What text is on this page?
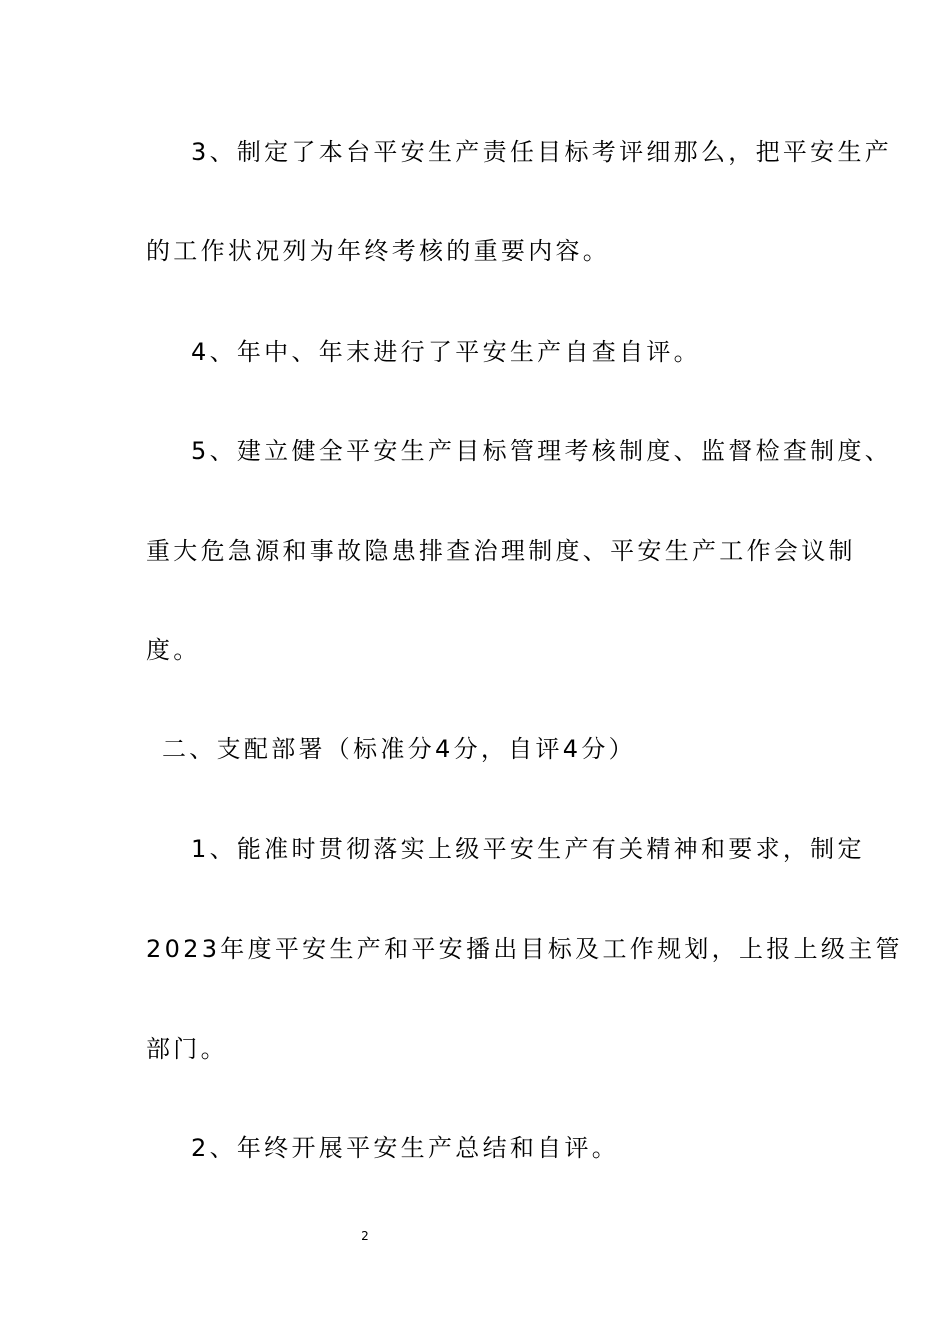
3、制定了本台平安生产责任目标考评细那么，把平安生产
的工作状况列为年终考核的重要内容。
4、年中、年末进行了平安生产自查自评。
5、建立健全平安生产目标管理考核制度、监督检查制度、
重大危急源和事故隐患排查治理制度、平安生产工作会议制
度。
二、支配部署（标准分4分，自评4分）
1、能准时贯彻落实上级平安生产有关精神和要求，制定
2023年度平安生产和平安播出目标及工作规划，上报上级主管
部门。
2、年终开展平安生产总结和自评。
2
